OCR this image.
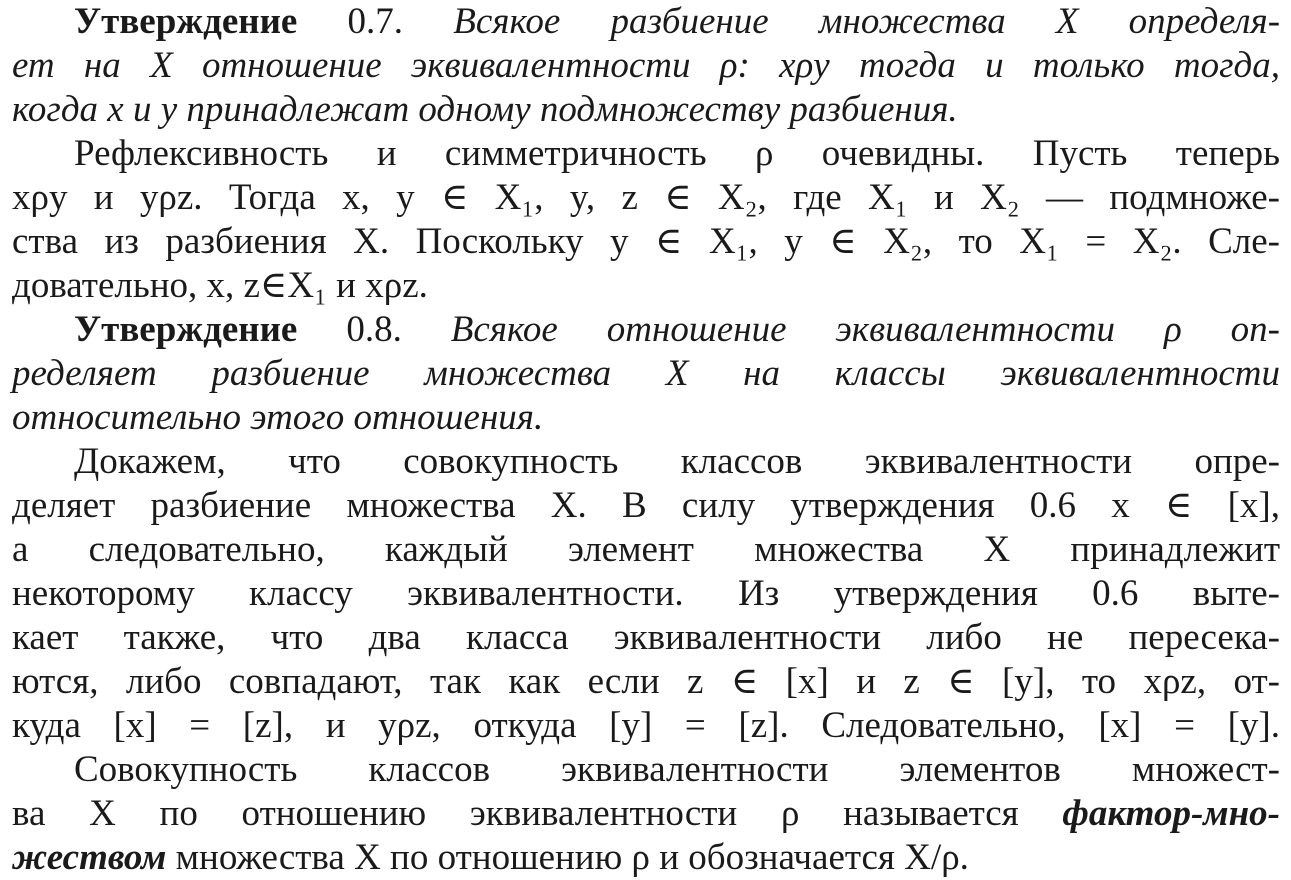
Утверждение 0.7. Всякое разбиение множества X определя-
ет на X отношение эквивалентности ρ: xρy тогда и только тогда,
когда x и y принадлежат одному подмножеству разбиения.
Рефлексивность и симметричность ρ очевидны. Пусть теперь
xρy и yρz. Тогда x, y ∈ X₁, y, z ∈ X₂, где X₁ и X₂ — подмноже-
ства из разбиения X. Поскольку y ∈ X₁, y ∈ X₂, то X₁ = X₂. Сле-
довательно, x, z∈X₁ и xρz.
Утверждение 0.8. Всякое отношение эквивалентности ρ оп-
ределяет разбиение множества X на классы эквивалентности
относительно этого отношения.
Докажем, что совокупность классов эквивалентности опре-
деляет разбиение множества X. В силу утверждения 0.6 x ∈ [x],
а следовательно, каждый элемент множества X принадлежит
некоторому классу эквивалентности. Из утверждения 0.6 выте-
кает также, что два класса эквивалентности либо не пересека-
ются, либо совпадают, так как если z ∈ [x] и z ∈ [y], то xρz, от-
куда [x] = [z], и yρz, откуда [y] = [z]. Следовательно, [x] = [y].
Совокупность классов эквивалентности элементов множест-
ва X по отношению эквивалентности ρ называется фактор-мно-
жеством множества X по отношению ρ и обозначается X/ρ.
